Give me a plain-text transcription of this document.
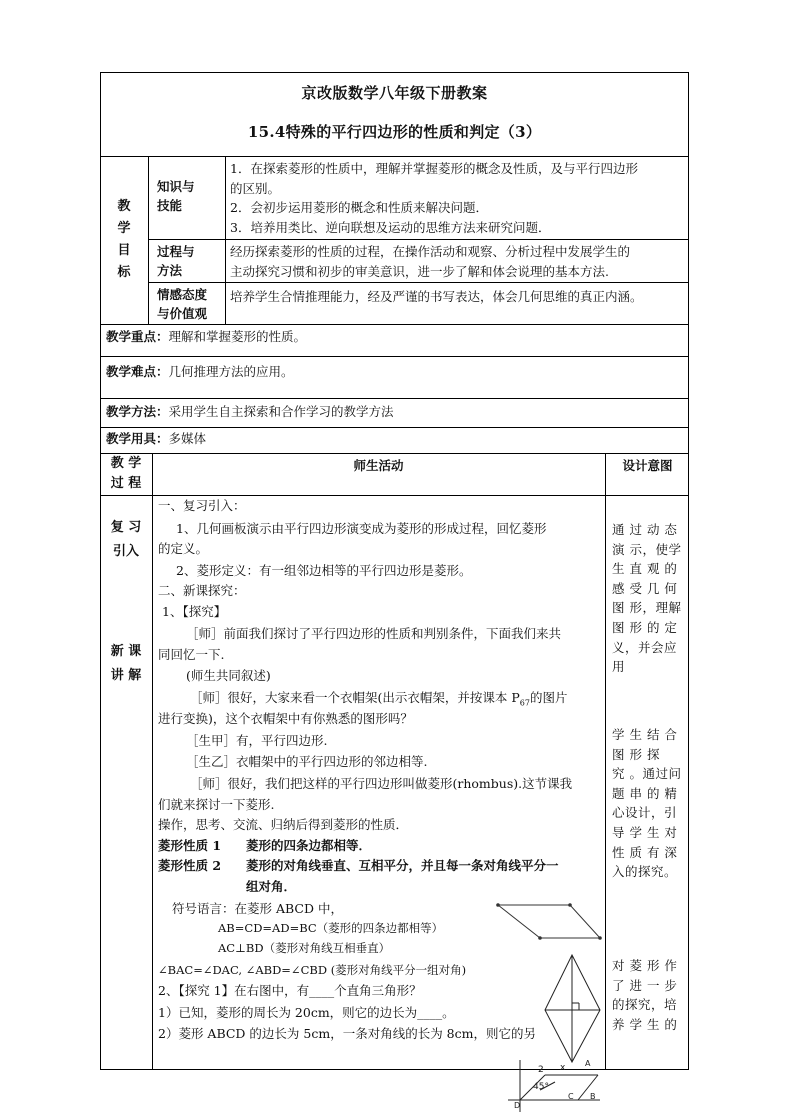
京改版数学八年级下册教案
15.4特殊的平行四边形的性质和判定（3）
教
学
目
标
知识与
技能
1．在探索菱形的性质中，理解并掌握菱形的概念及性质，及与平行四边形
的区别。
2．会初步运用菱形的概念和性质来解决问题．
3．培养用类比、逆向联想及运动的思维方法来研究问题．
过程与
方法
经历探索菱形的性质的过程，在操作活动和观察、分析过程中发展学生的
主动探究习惯和初步的审美意识，进一步了解和体会说理的基本方法.
情感态度
与价值观
培养学生合情推理能力，经及严谨的书写表达，体会几何思维的真正内涵。
教学重点：理解和掌握菱形的性质。
教学难点：几何推理方法的应用。
教学方法：采用学生自主探索和合作学习的教学方法
教学用具：多媒体
教 学
过 程
师生活动	设计意图
复 习
引入
新 课
讲 解
一、复习引入：
1、几何画板演示由平行四边形演变成为菱形的形成过程，回忆菱形
的定义。
2、菱形定义：有一组邻边相等的平行四边形是菱形。
二、新课探究：
1、【探究】
［师］前面我们探讨了平行四边形的性质和判别条件，下面我们来共
同回忆一下.
(师生共同叙述)
［师］很好，大家来看一个衣帽架(出示衣帽架，并按课本 $P_{67}$的图片
进行变换)，这个衣帽架中有你熟悉的图形吗？
［生甲］有，平行四边形.
［生乙］衣帽架中的平行四边形的邻边相等.
［师］很好，我们把这样的平行四边形叫做菱形(rhombus).这节课我
们就来探讨一下菱形.
操作，思考、交流、归纳后得到菱形的性质．
菱形性质 1 菱形的四条边都相等．
菱形性质 2 菱形的对角线垂直、互相平分，并且每一条对角线平分一
组对角．
符号语言：在菱形 ABCD 中，
AB=CD=AD=BC（菱形的四条边都相等）
AC⊥BD（菱形对角线互相垂直）
∠BAC=∠DAC, ∠ABD=∠CBD (菱形对角线平分一组对角)
2、【探究 1】在右图中，有____个直角三角形？
1）已知，菱形的周长为 20cm，则它的边长为____。
2）菱形 ABCD 的边长为 5cm，一条对角线的长为 8cm，则它的另
通 过 动 态
演 示，使学
生 直 观 的
感 受 几 何
图 形，理解
图 形 的 定
义，并会应
用
学 生 结 合
图 形 探
究 。通过问
题 串 的 精
心设计，引
导 学 生 对
性 质 有 深
入的探究。
对 菱 形 作
了 进 一 步
的探究，培
养 学 生 的
x
2
45°
C B
D
A
